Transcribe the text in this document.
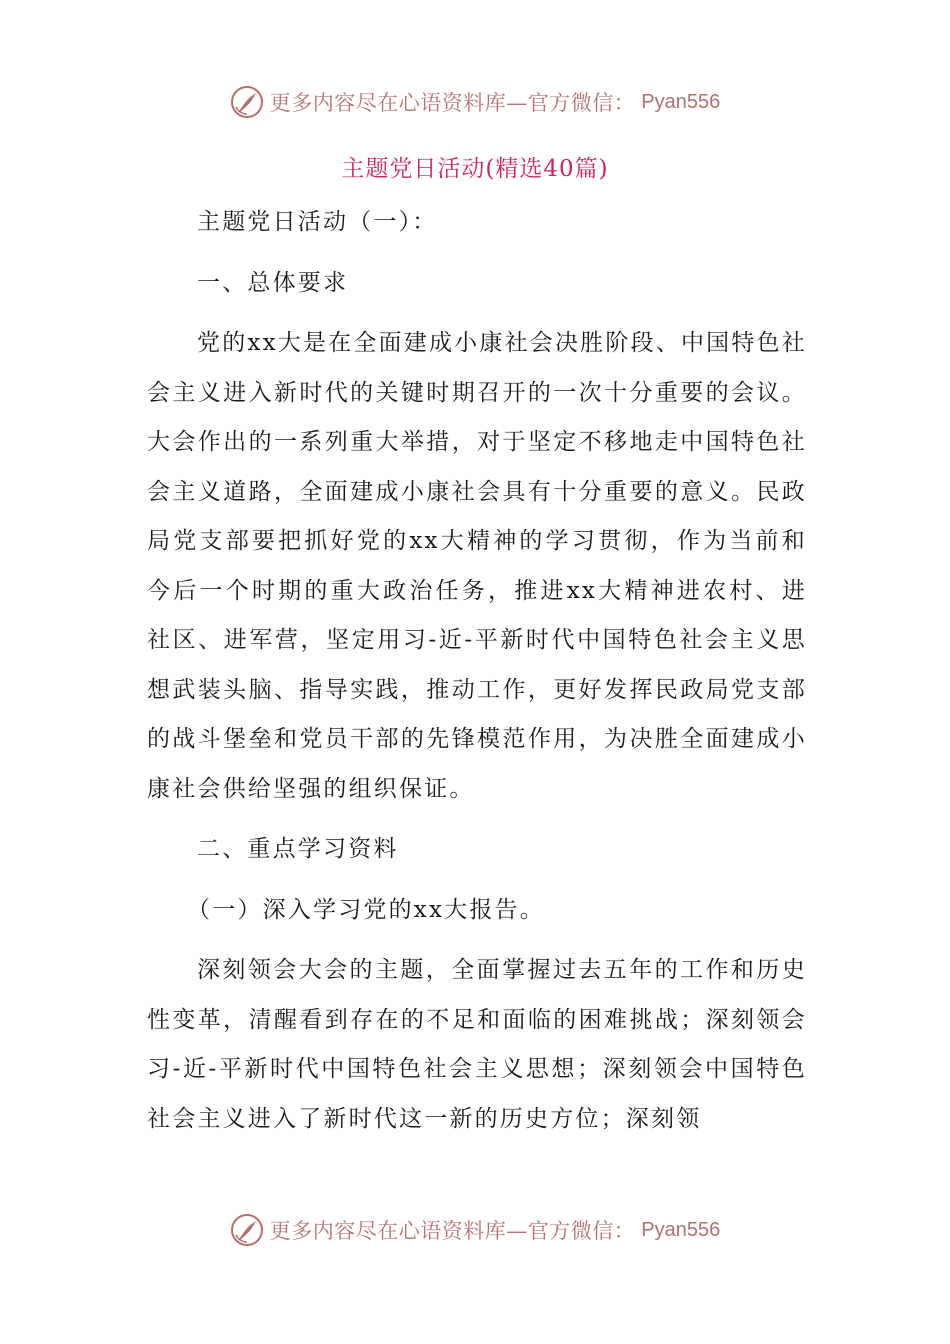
更多内容尽在心语资料库—官方微信： Pyan556
主题党日活动(精选40篇)

主题党日活动（一）：

一、总体要求

党的xx大是在全面建成小康社会决胜阶段、中国特色社会主义进入新时代的关键时期召开的一次十分重要的会议。大会作出的一系列重大举措，对于坚定不移地走中国特色社会主义道路，全面建成小康社会具有十分重要的意义。民政局党支部要把抓好党的xx大精神的学习贯彻，作为当前和今后一个时期的重大政治任务，推进xx大精神进农村、进社区、进军营，坚定用习-近-平新时代中国特色社会主义思想武装头脑、指导实践，推动工作，更好发挥民政局党支部的战斗堡垒和党员干部的先锋模范作用，为决胜全面建成小康社会供给坚强的组织保证。

二、重点学习资料

（一）深入学习党的xx大报告。

深刻领会大会的主题，全面掌握过去五年的工作和历史性变革，清醒看到存在的不足和面临的困难挑战；深刻领会习-近-平新时代中国特色社会主义思想；深刻领会中国特色社会主义进入了新时代这一新的历史方位；深刻领

更多内容尽在心语资料库—官方微信： Pyan556
